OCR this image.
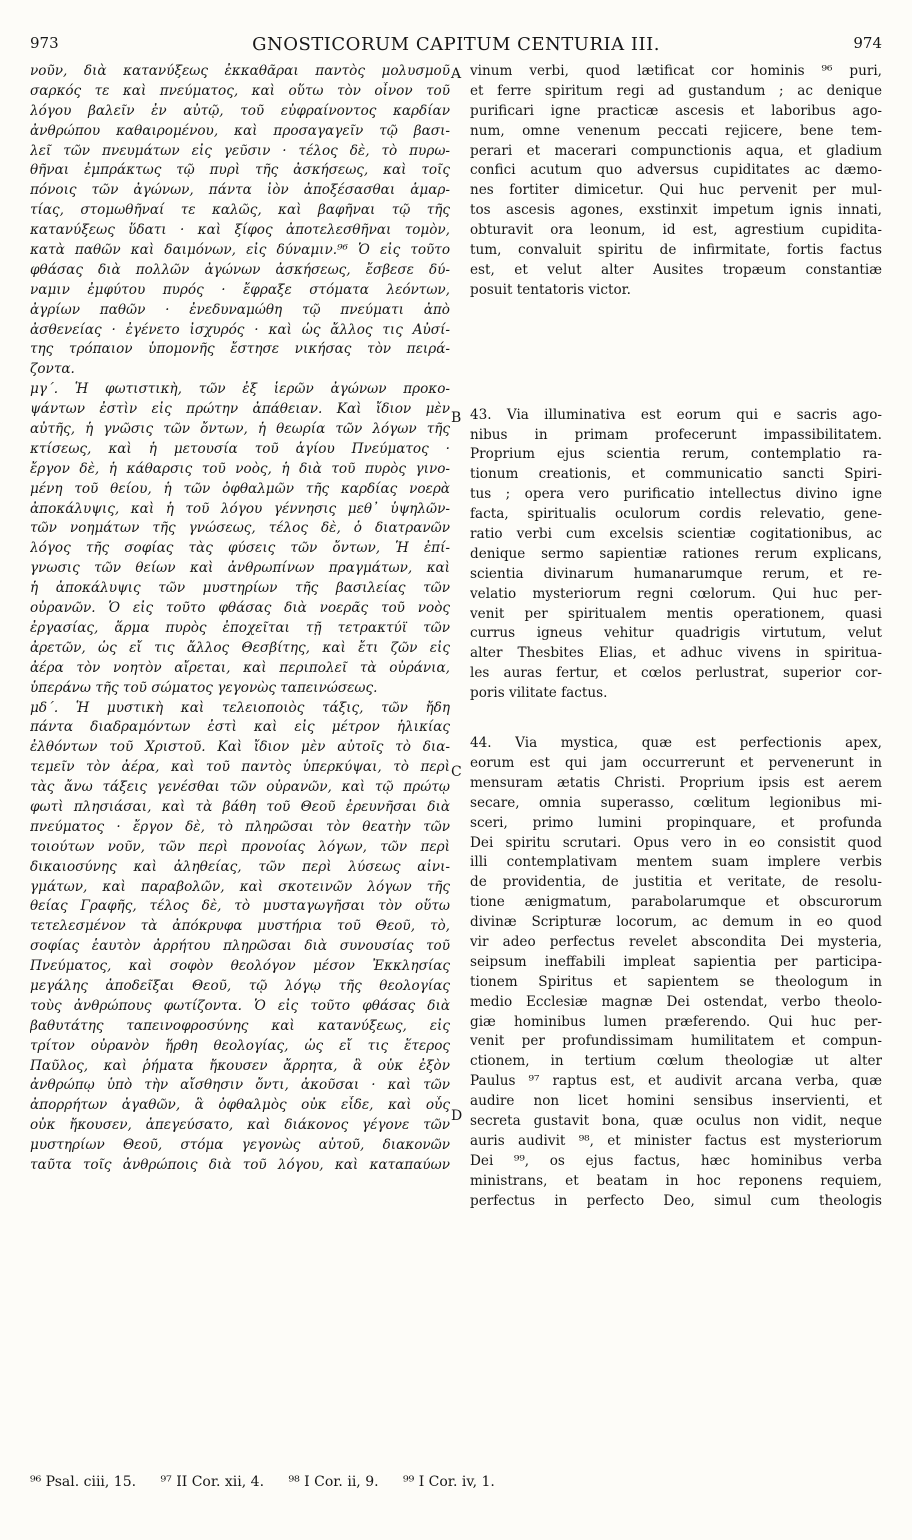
973	GNOSTICORUM CAPITUM CENTURIA III.	974
A
B
C
D
νοῦν, διὰ κατανύξεως ἐκκαθᾶραι παντὸς μολυσμοῦ
σαρκός τε καὶ πνεύματος, καὶ οὕτω τὸν οἶνον τοῦ
λόγου βαλεῖν ἐν αὐτῷ, τοῦ εὐφραίνοντος καρδίαν
ἀνθρώπου καθαιρομένου, καὶ προσαγαγεῖν τῷ βασι-
λεῖ τῶν πνευμάτων εἰς γεῦσιν · τέλος δὲ, τὸ πυρω-
θῆναι ἐμπράκτως τῷ πυρὶ τῆς ἀσκήσεως, καὶ τοῖς
πόνοις τῶν ἀγώνων, πάντα ἰὸν ἀποξέσασθαι ἁμαρ-
τίας, στομωθῆναί τε καλῶς, καὶ βαφῆναι τῷ τῆς
κατανύξεως ὕδατι · καὶ ξίφος ἀποτελεσθῆναι τομὸν,
κατὰ παθῶν καὶ δαιμόνων, εἰς δύναμιν.⁹⁶ Ὁ εἰς τοῦτο
φθάσας διὰ πολλῶν ἀγώνων ἀσκήσεως, ἔσβεσε δύ-
ναμιν ἐμφύτου πυρός · ἔφραξε στόματα λεόντων,
ἀγρίων παθῶν · ἐνεδυναμώθη τῷ πνεύματι ἀπὸ
ἀσθενείας · ἐγένετο ἰσχυρός · καὶ ὡς ἄλλος τις Αὐσί-
της τρόπαιον ὑπομονῆς ἔστησε νικήσας τὸν πειρά-
ζοντα.
μγ΄. Ἡ φωτιστικὴ, τῶν ἐξ ἱερῶν ἀγώνων προκο-
ψάντων ἐστὶν εἰς πρώτην ἀπάθειαν. Καὶ ἴδιον μὲν
αὐτῆς, ἡ γνῶσις τῶν ὄντων, ἡ θεωρία τῶν λόγων τῆς
κτίσεως, καὶ ἡ μετουσία τοῦ ἁγίου Πνεύματος ·
ἔργον δὲ, ἡ κάθαρσις τοῦ νοὸς, ἡ διὰ τοῦ πυρὸς γινο-
μένη τοῦ θείου, ἡ τῶν ὀφθαλμῶν τῆς καρδίας νοερὰ
ἀποκάλυψις, καὶ ἡ τοῦ λόγου γέννησις μεθ᾽ ὑψηλῶν-
τῶν νοημάτων τῆς γνώσεως, τέλος δὲ, ὁ διατρανῶν
λόγος τῆς σοφίας τὰς φύσεις τῶν ὄντων, Ἡ ἐπί-
γνωσις τῶν θείων καὶ ἀνθρωπίνων πραγμάτων, καὶ
ἡ ἀποκάλυψις τῶν μυστηρίων τῆς βασιλείας τῶν
οὐρανῶν. Ὁ εἰς τοῦτο φθάσας διὰ νοερᾶς τοῦ νοὸς
ἐργασίας, ἅρμα πυρὸς ἐποχεῖται τῇ τετρακτύϊ τῶν
ἀρετῶν, ὡς εἴ τις ἄλλος Θεσβίτης, καὶ ἔτι ζῶν εἰς
ἀέρα τὸν νοητὸν αἴρεται, καὶ περιπολεῖ τὰ οὐράνια,
ὑπεράνω τῆς τοῦ σώματος γεγονὼς ταπεινώσεως.
μδ΄. Ἡ μυστικὴ καὶ τελειοποιὸς τάξις, τῶν ἤδη
πάντα διαδραμόντων ἐστὶ καὶ εἰς μέτρον ἡλικίας
ἐλθόντων τοῦ Χριστοῦ. Καὶ ἴδιον μὲν αὐτοῖς τὸ δια-
τεμεῖν τὸν ἀέρα, καὶ τοῦ παντὸς ὑπερκύψαι, τὸ περὶ
τὰς ἄνω τάξεις γενέσθαι τῶν οὐρανῶν, καὶ τῷ πρώτῳ
φωτὶ πλησιάσαι, καὶ τὰ βάθη τοῦ Θεοῦ ἐρευνῆσαι διὰ
πνεύματος · ἔργον δὲ, τὸ πληρῶσαι τὸν θεατὴν τῶν
τοιούτων νοῦν, τῶν περὶ προνοίας λόγων, τῶν περὶ
δικαιοσύνης καὶ ἀληθείας, τῶν περὶ λύσεως αἰνι-
γμάτων, καὶ παραβολῶν, καὶ σκοτεινῶν λόγων τῆς
θείας Γραφῆς, τέλος δὲ, τὸ μυσταγωγῆσαι τὸν οὕτω
τετελεσμένον τὰ ἀπόκρυφα μυστήρια τοῦ Θεοῦ, τὸ,
σοφίας ἑαυτὸν ἀρρήτου πληρῶσαι διὰ συνουσίας τοῦ
Πνεύματος, καὶ σοφὸν θεολόγον μέσον Ἐκκλησίας
μεγάλης ἀποδεῖξαι Θεοῦ, τῷ λόγῳ τῆς θεολογίας
τοὺς ἀνθρώπους φωτίζοντα. Ὁ εἰς τοῦτο φθάσας διὰ
βαθυτάτης ταπεινοφροσύνης καὶ κατανύξεως, εἰς
τρίτον οὐρανὸν ἥρθη θεολογίας, ὡς εἴ τις ἕτερος
Παῦλος, καὶ ῥήματα ἤκουσεν ἄρρητα, ἃ οὐκ ἐξὸν
ἀνθρώπῳ ὑπὸ τὴν αἴσθησιν ὄντι, ἀκοῦσαι · καὶ τῶν
ἀπορρήτων ἀγαθῶν, ἃ ὀφθαλμὸς οὐκ εἶδε, καὶ οὖς
οὐκ ἤκουσεν, ἀπεγεύσατο, καὶ διάκονος γέγονε τῶν
μυστηρίων Θεοῦ, στόμα γεγονὼς αὐτοῦ, διακονῶν
ταῦτα τοῖς ἀνθρώποις διὰ τοῦ λόγου, καὶ καταπαύων
vinum verbi, quod lætificat cor hominis ⁹⁶ puri,
et ferre spiritum regi ad gustandum ; ac denique
purificari igne practicæ ascesis et laboribus ago-
num, omne venenum peccati rejicere, bene tem-
perari et macerari compunctionis aqua, et gladium
confici acutum quo adversus cupiditates ac dæmo-
nes fortiter dimicetur. Qui huc pervenit per mul-
tos ascesis agones, exstinxit impetum ignis innati,
obturavit ora leonum, id est, agrestium cupidita-
tum, convaluit spiritu de infirmitate, fortis factus
est, et velut alter Ausites tropæum constantiæ
posuit tentatoris victor.
43. Via illuminativa est eorum qui e sacris ago-
nibus in primam profecerunt impassibilitatem.
Proprium ejus scientia rerum, contemplatio ra-
tionum creationis, et communicatio sancti Spiri-
tus ; opera vero purificatio intellectus divino igne
facta, spiritualis oculorum cordis relevatio, gene-
ratio verbi cum excelsis scientiæ cogitationibus, ac
denique sermo sapientiæ rationes rerum explicans,
scientia divinarum humanarumque rerum, et re-
velatio mysteriorum regni cœlorum. Qui huc per-
venit per spiritualem mentis operationem, quasi
currus igneus vehitur quadrigis virtutum, velut
alter Thesbites Elias, et adhuc vivens in spiritua-
les auras fertur, et cœlos perlustrat, superior cor-
poris vilitate factus.
44. Via mystica, quæ est perfectionis apex,
eorum est qui jam occurrerunt et pervenerunt in
mensuram ætatis Christi. Proprium ipsis est aerem
secare, omnia superasso, cœlitum legionibus mi-
sceri, primo lumini propinquare, et profunda
Dei spiritu scrutari. Opus vero in eo consistit quod
illi contemplativam mentem suam implere verbis
de providentia, de justitia et veritate, de resolu-
tione ænigmatum, parabolarumque et obscurorum
divinæ Scripturæ locorum, ac demum in eo quod
vir adeo perfectus revelet abscondita Dei mysteria,
seipsum ineffabili impleat sapientia per participa-
tionem Spiritus et sapientem se theologum in
medio Ecclesiæ magnæ Dei ostendat, verbo theolo-
giæ hominibus lumen præferendo. Qui huc per-
venit per profundissimam humilitatem et compun-
ctionem, in tertium cœlum theologiæ ut alter
Paulus ⁹⁷ raptus est, et audivit arcana verba, quæ
audire non licet homini sensibus inservienti, et
secreta gustavit bona, quæ oculus non vidit, neque
auris audivit ⁹⁸, et minister factus est mysteriorum
Dei ⁹⁹, os ejus factus, hæc hominibus verba
ministrans, et beatam in hoc reponens requiem,
perfectus in perfecto Deo, simul cum theologis
⁹⁶ Psal. ciii, 15. ⁹⁷ II Cor. xii, 4. ⁹⁸ I Cor. ii, 9. ⁹⁹ I Cor. iv, 1.
